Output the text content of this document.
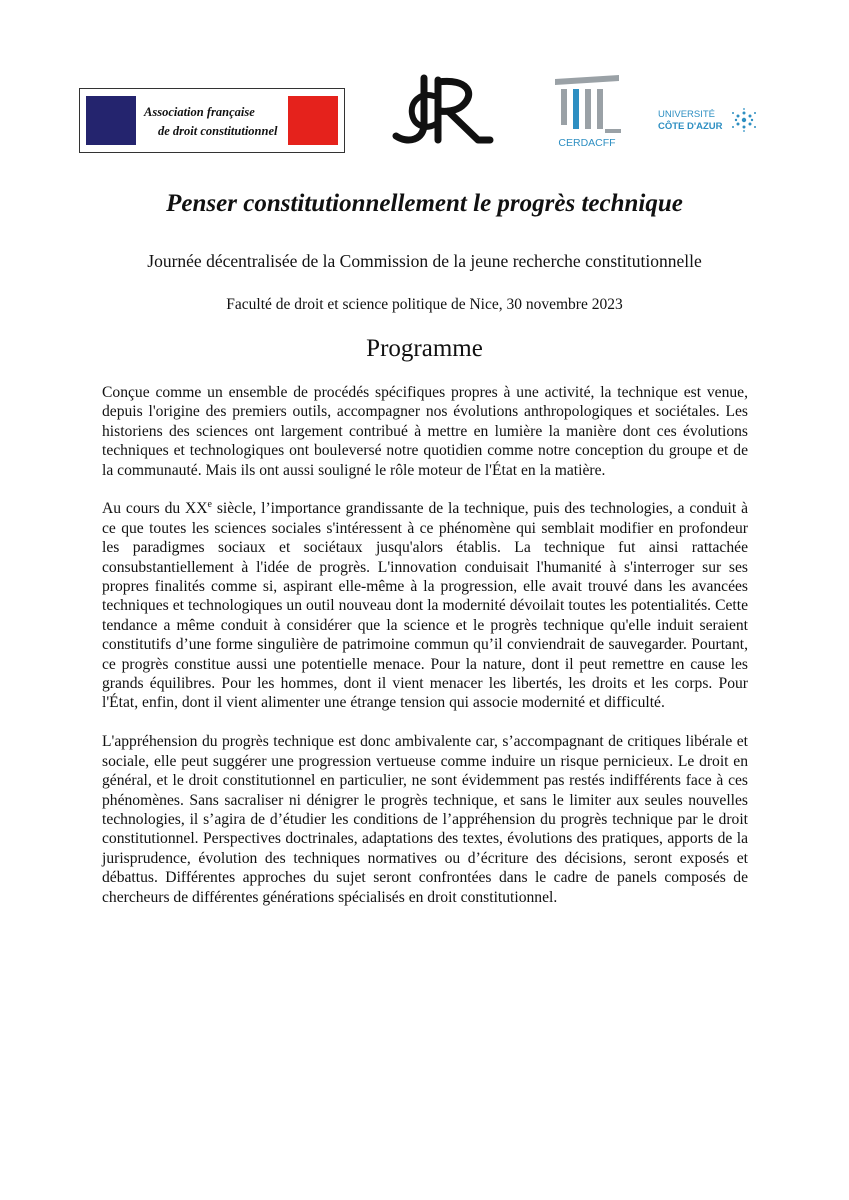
Association française
de droit constitutionnel
CERDACFF
UNIVERSITÉ
CÔTE D'AZUR
Penser constitutionnellement le progrès technique
Journée décentralisée de la Commission de la jeune recherche constitutionnelle

Faculté de droit et science politique de Nice, 30 novembre 2023

Programme

Conçue comme un ensemble de procédés spécifiques propres à une activité, la technique est venue, depuis l'origine des premiers outils, accompagner nos évolutions anthropologiques et sociétales. Les historiens des sciences ont largement contribué à mettre en lumière la manière dont ces évolutions techniques et technologiques ont bouleversé notre quotidien comme notre conception du groupe et de la communauté. Mais ils ont aussi souligné le rôle moteur de l'État en la matière.

Au cours du XXe siècle, l’importance grandissante de la technique, puis des technologies, a conduit à ce que toutes les sciences sociales s'intéressent à ce phénomène qui semblait modifier en profondeur les paradigmes sociaux et sociétaux jusqu'alors établis. La technique fut ainsi rattachée consubstantiellement à l'idée de progrès. L'innovation conduisait l'humanité à s'interroger sur ses propres finalités comme si, aspirant elle-même à la progression, elle avait trouvé dans les avancées techniques et technologiques un outil nouveau dont la modernité dévoilait toutes les potentialités. Cette tendance a même conduit à considérer que la science et le progrès technique qu'elle induit seraient constitutifs d’une forme singulière de patrimoine commun qu’il conviendrait de sauvegarder. Pourtant, ce progrès constitue aussi une potentielle menace. Pour la nature, dont il peut remettre en cause les grands équilibres. Pour les hommes, dont il vient menacer les libertés, les droits et les corps. Pour l'État, enfin, dont il vient alimenter une étrange tension qui associe modernité et difficulté.

L'appréhension du progrès technique est donc ambivalente car, s’accompagnant de critiques libérale et sociale, elle peut suggérer une progression vertueuse comme induire un risque pernicieux. Le droit en général, et le droit constitutionnel en particulier, ne sont évidemment pas restés indifférents face à ces phénomènes. Sans sacraliser ni dénigrer le progrès technique, et sans le limiter aux seules nouvelles technologies, il s’agira de d’étudier les conditions de l’appréhension du progrès technique par le droit constitutionnel. Perspectives doctrinales, adaptations des textes, évolutions des pratiques, apports de la jurisprudence, évolution des techniques normatives ou d’écriture des décisions, seront exposés et débattus. Différentes approches du sujet seront confrontées dans le cadre de panels composés de chercheurs de différentes générations spécialisés en droit constitutionnel.
